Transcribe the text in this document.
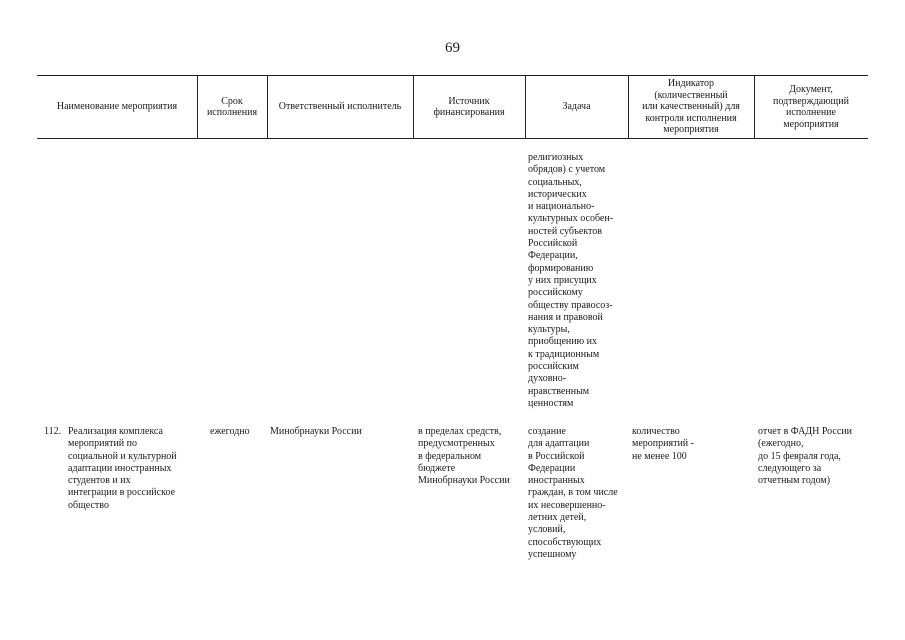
69
Наименование мероприятия
Срок
исполнения
Ответственный исполнитель
Источник
финансирования
Задача
Индикатор
(количественный
или качественный) для
контроля исполнения
мероприятия
Документ,
подтверждающий
исполнение
мероприятия
религиозных
обрядов) с учетом
социальных,
исторических
и национально-
культурных особен-
ностей субъектов
Российской
Федерации,
формированию
у них присущих
российскому
обществу правосоз-
нания и правовой
культуры,
приобщению их
к традиционным
российским
духовно-
нравственным
ценностям
112. Реализация комплекса
мероприятий по
социальной и культурной
адаптации иностранных
студентов и их
интеграции в российское
общество
ежегодно Минобрнауки России	в пределах средств,
предусмотренных
в федеральном
бюджете
Минобрнауки России
создание
для адаптации
в Российской
Федерации
иностранных
граждан, в том числе
их несовершенно-
летних детей,
условий,
способствующих
успешному
количество
мероприятий -
не менее 100
отчет в ФАДН России
(ежегодно,
до 15 февраля года,
следующего за
отчетным годом)
